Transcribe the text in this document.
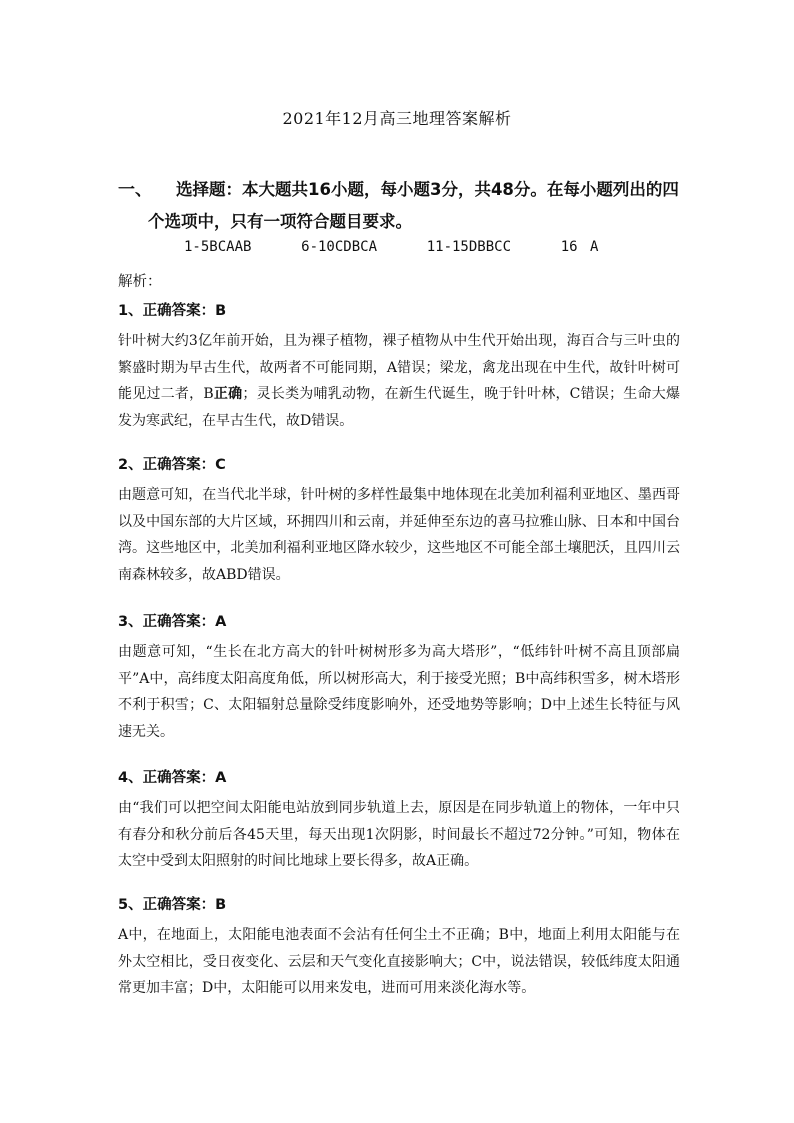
2021年12月高三地理答案解析
一、 选择题：本大题共16小题，每小题3分，共48分。在每小题列出的四
个选项中，只有一项符合题目要求。
1-5BCAAB    6-10CDBCA    11-15DBBCC    16 A
解析：
1、正确答案：B
针叶树大约3亿年前开始，且为裸子植物，裸子植物从中生代开始出现，海百合与三叶虫的繁盛时期为早古生代，故两者不可能同期，A错误；梁龙，禽龙出现在中生代，故针叶树可能见过二者，B正确；灵长类为哺乳动物，在新生代诞生，晚于针叶林，C错误；生命大爆发为寒武纪，在早古生代，故D错误。
2、正确答案：C
由题意可知，在当代北半球，针叶树的多样性最集中地体现在北美加利福利亚地区、墨西哥以及中国东部的大片区域，环拥四川和云南，并延伸至东边的喜马拉雅山脉、日本和中国台湾。这些地区中，北美加利福利亚地区降水较少，这些地区不可能全部土壤肥沃，且四川云南森林较多，故ABD错误。
3、正确答案：A
由题意可知，“生长在北方高大的针叶树树形多为高大塔形”，“低纬针叶树不高且顶部扁平”A中，高纬度太阳高度角低，所以树形高大，利于接受光照；B中高纬积雪多，树木塔形不利于积雪；C、太阳辐射总量除受纬度影响外，还受地势等影响；D中上述生长特征与风速无关。
4、正确答案：A
由“我们可以把空间太阳能电站放到同步轨道上去，原因是在同步轨道上的物体，一年中只有春分和秋分前后各45天里，每天出现1次阴影，时间最长不超过72分钟。”可知，物体在太空中受到太阳照射的时间比地球上要长得多，故A正确。
5、正确答案：B
A中，在地面上，太阳能电池表面不会沾有任何尘土不正确；B中，地面上利用太阳能与在外太空相比，受日夜变化、云层和天气变化直接影响大；C中，说法错误，较低纬度太阳通常更加丰富；D中，太阳能可以用来发电，进而可用来淡化海水等。
